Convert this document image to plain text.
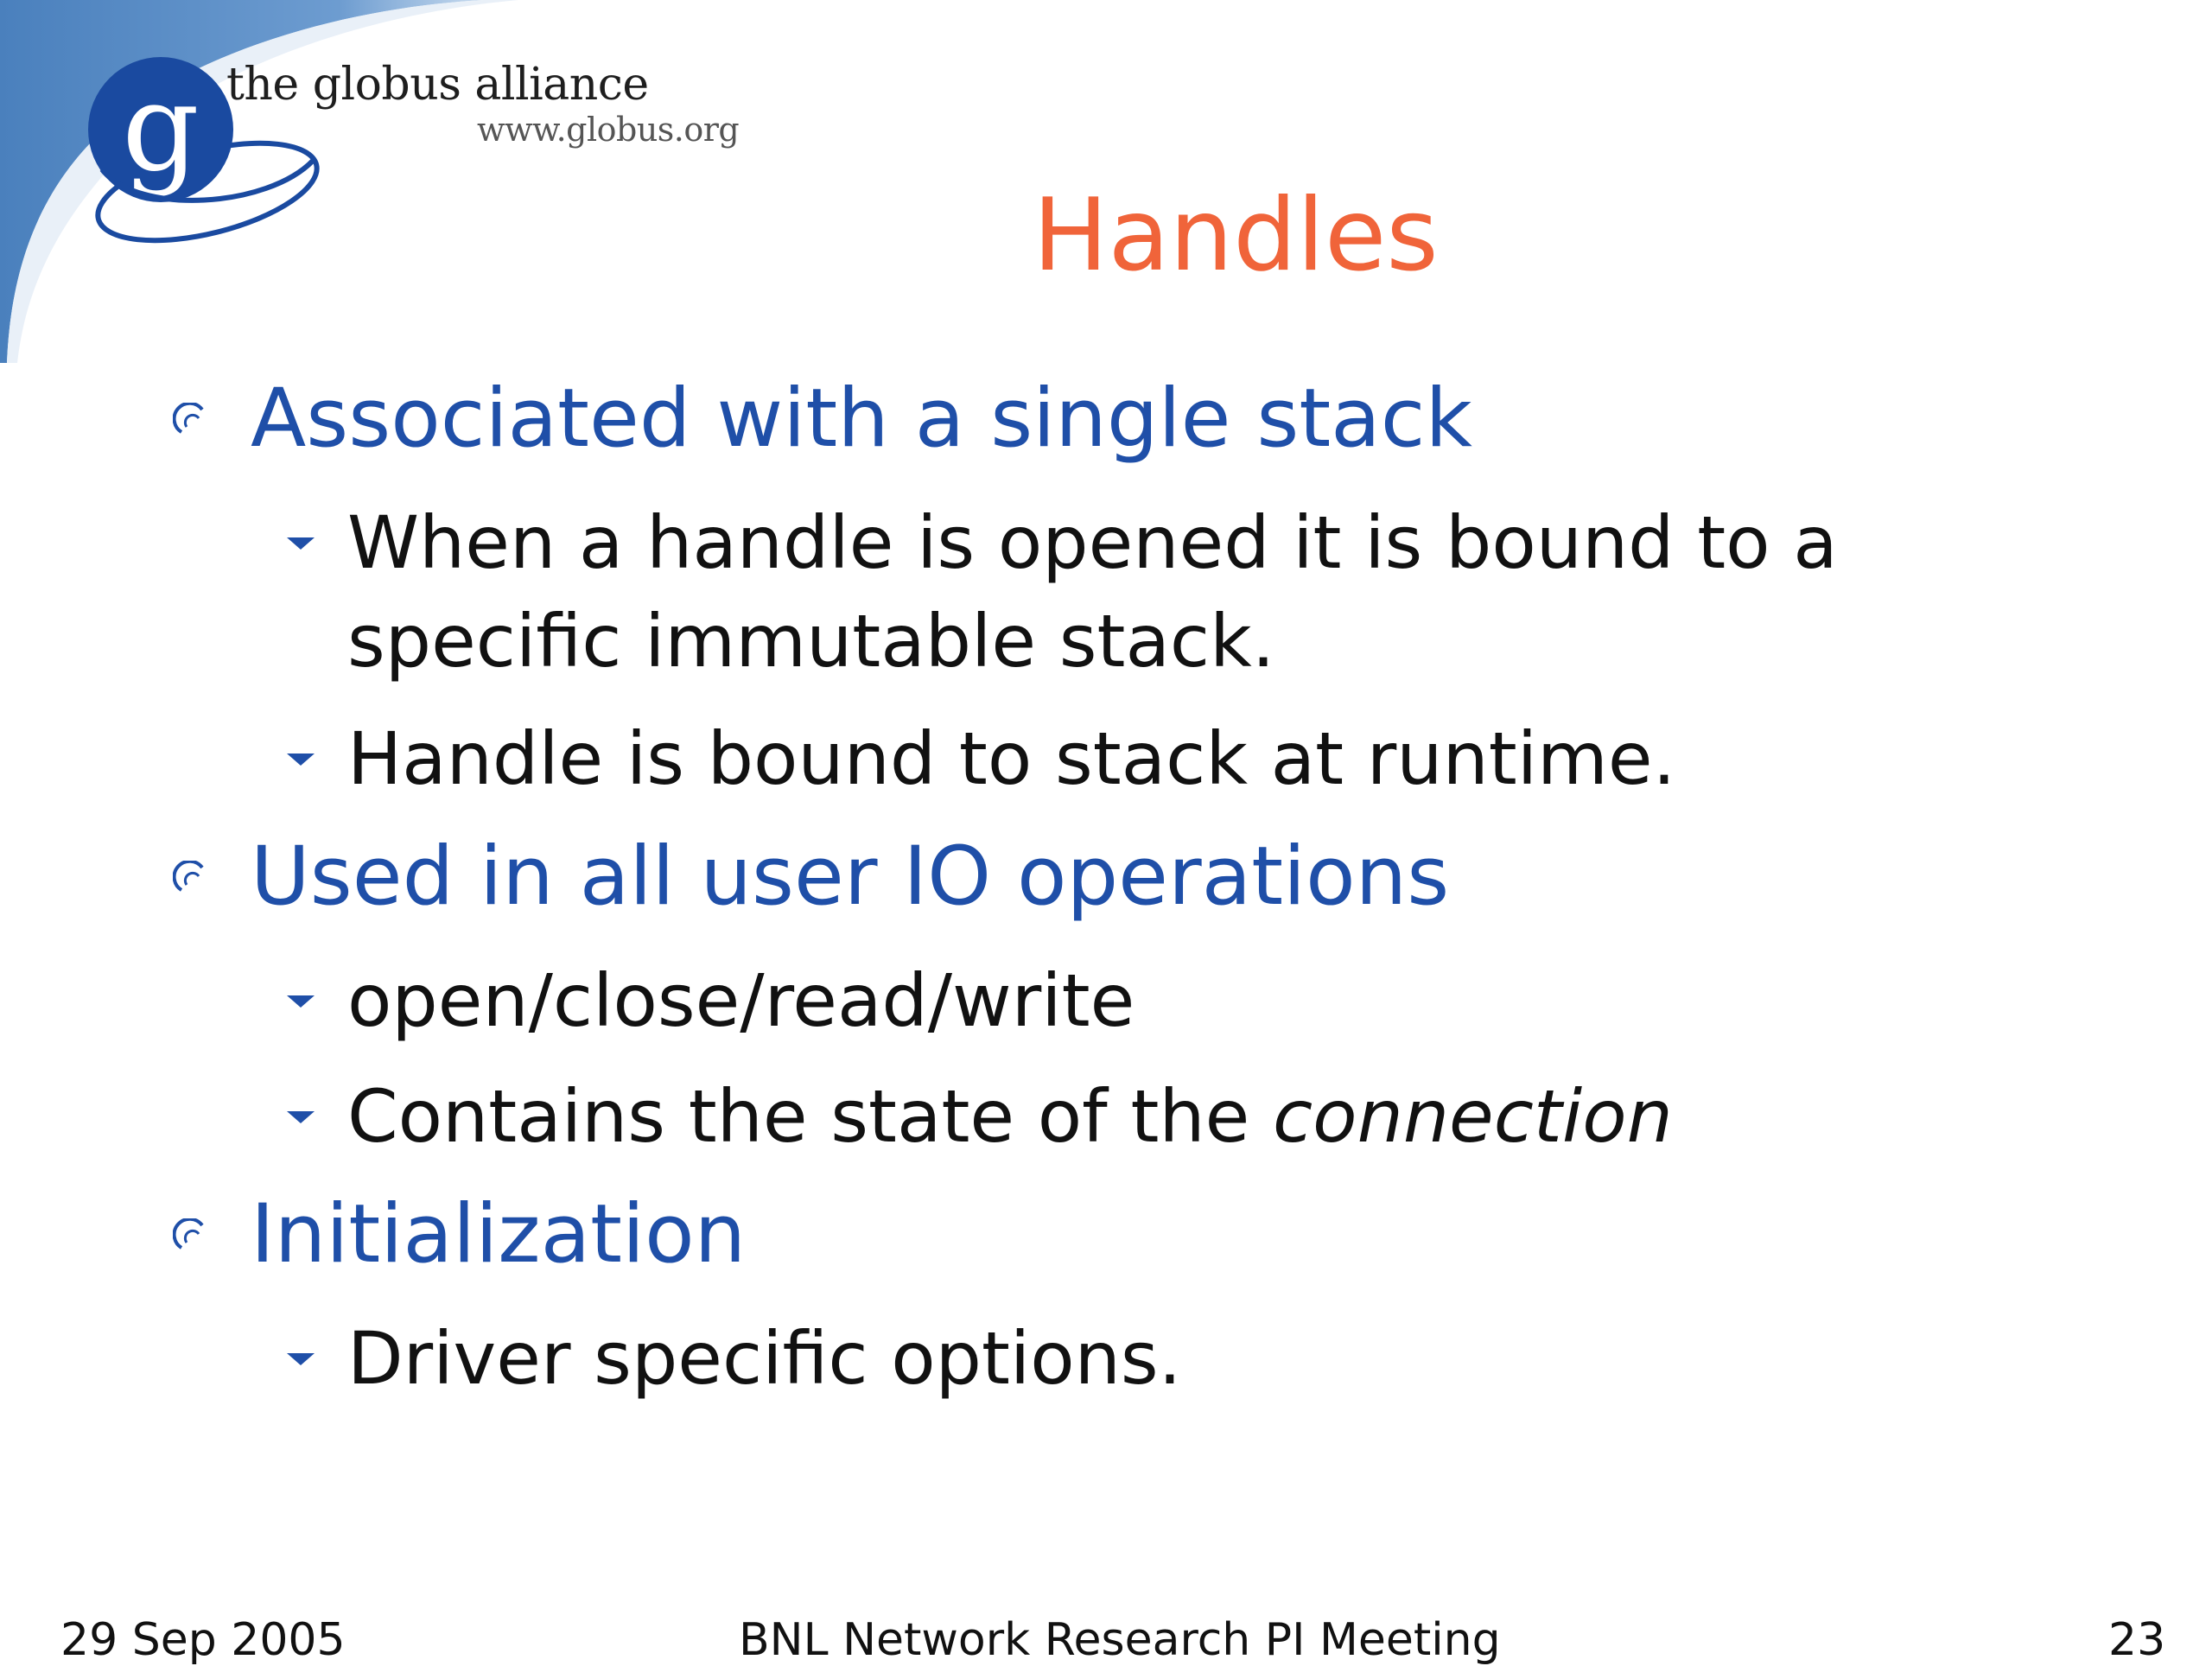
g the globus alliance
www.globus.org
Handles
Associated with a single stack
When a handle is opened it is bound to a
specific immutable stack.
Handle is bound to stack at runtime.
Used in all user IO operations
open/close/read/write
Contains the state of the connection
Initialization
Driver specific options.
29 Sep 2005	BNL Network Research PI Meeting	23
